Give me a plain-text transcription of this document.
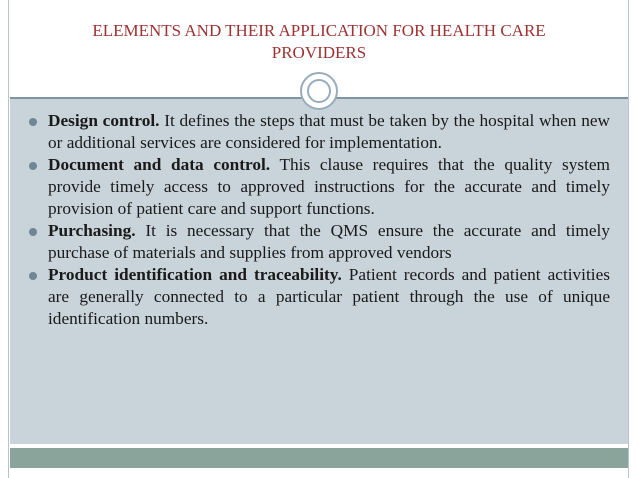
ELEMENTS AND THEIR APPLICATION FOR HEALTH CARE
PROVIDERS
Design control. It defines the steps that must be taken by the hospital when new or additional services are considered for implementation.
Document and data control. This clause requires that the quality system provide timely access to approved instructions for the accurate and timely provision of patient care and support functions.
Purchasing. It is necessary that the QMS ensure the accurate and timely purchase of materials and supplies from approved vendors
Product identification and traceability. Patient records and patient activities are generally connected to a particular patient through the use of unique identification numbers.
